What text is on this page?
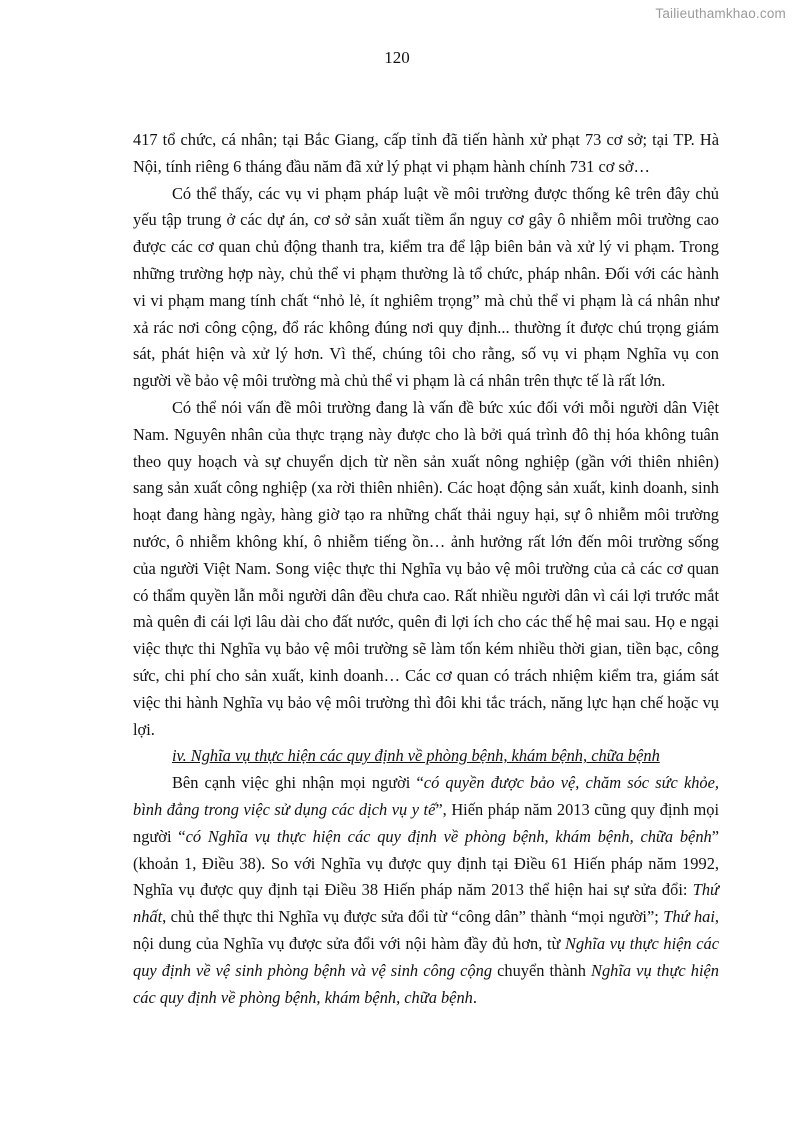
Tailieuthamkhao.com
120

417 tổ chức, cá nhân; tại Bắc Giang, cấp tỉnh đã tiến hành xử phạt 73 cơ sở; tại TP. Hà Nội, tính riêng 6 tháng đầu năm đã xử lý phạt vi phạm hành chính 731 cơ sở…

Có thể thấy, các vụ vi phạm pháp luật về môi trường được thống kê trên đây chủ yếu tập trung ở các dự án, cơ sở sản xuất tiềm ẩn nguy cơ gây ô nhiễm môi trường cao được các cơ quan chủ động thanh tra, kiểm tra để lập biên bản và xử lý vi phạm. Trong những trường hợp này, chủ thể vi phạm thường là tổ chức, pháp nhân. Đối với các hành vi vi phạm mang tính chất “nhỏ lẻ, ít nghiêm trọng” mà chủ thể vi phạm là cá nhân như xả rác nơi công cộng, đổ rác không đúng nơi quy định... thường ít được chú trọng giám sát, phát hiện và xử lý hơn. Vì thế, chúng tôi cho rằng, số vụ vi phạm Nghĩa vụ con người về bảo vệ môi trường mà chủ thể vi phạm là cá nhân trên thực tế là rất lớn.

Có thể nói vấn đề môi trường đang là vấn đề bức xúc đối với mỗi người dân Việt Nam. Nguyên nhân của thực trạng này được cho là bởi quá trình đô thị hóa không tuân theo quy hoạch và sự chuyển dịch từ nền sản xuất nông nghiệp (gần với thiên nhiên) sang sản xuất công nghiệp (xa rời thiên nhiên). Các hoạt động sản xuất, kinh doanh, sinh hoạt đang hàng ngày, hàng giờ tạo ra những chất thải nguy hại, sự ô nhiễm môi trường nước, ô nhiễm không khí, ô nhiễm tiếng ồn… ảnh hưởng rất lớn đến môi trường sống của người Việt Nam. Song việc thực thi Nghĩa vụ bảo vệ môi trường của cả các cơ quan có thẩm quyền lẫn mỗi người dân đều chưa cao. Rất nhiều người dân vì cái lợi trước mắt mà quên đi cái lợi lâu dài cho đất nước, quên đi lợi ích cho các thế hệ mai sau. Họ e ngại việc thực thi Nghĩa vụ bảo vệ môi trường sẽ làm tốn kém nhiều thời gian, tiền bạc, công sức, chi phí cho sản xuất, kinh doanh… Các cơ quan có trách nhiệm kiểm tra, giám sát việc thi hành Nghĩa vụ bảo vệ môi trường thì đôi khi tắc trách, năng lực hạn chế hoặc vụ lợi.

iv. Nghĩa vụ thực hiện các quy định về phòng bệnh, khám bệnh, chữa bệnh

Bên cạnh việc ghi nhận mọi người “có quyền được bảo vệ, chăm sóc sức khỏe, bình đẳng trong việc sử dụng các dịch vụ y tế”, Hiến pháp năm 2013 cũng quy định mọi người “có Nghĩa vụ thực hiện các quy định về phòng bệnh, khám bệnh, chữa bệnh” (khoản 1, Điều 38). So với Nghĩa vụ được quy định tại Điều 61 Hiến pháp năm 1992, Nghĩa vụ được quy định tại Điều 38 Hiến pháp năm 2013 thể hiện hai sự sửa đổi: Thứ nhất, chủ thể thực thi Nghĩa vụ được sửa đổi từ “công dân” thành “mọi người”; Thứ hai, nội dung của Nghĩa vụ được sửa đổi với nội hàm đầy đủ hơn, từ Nghĩa vụ thực hiện các quy định về vệ sinh phòng bệnh và vệ sinh công cộng chuyển thành Nghĩa vụ thực hiện các quy định về phòng bệnh, khám bệnh, chữa bệnh.
